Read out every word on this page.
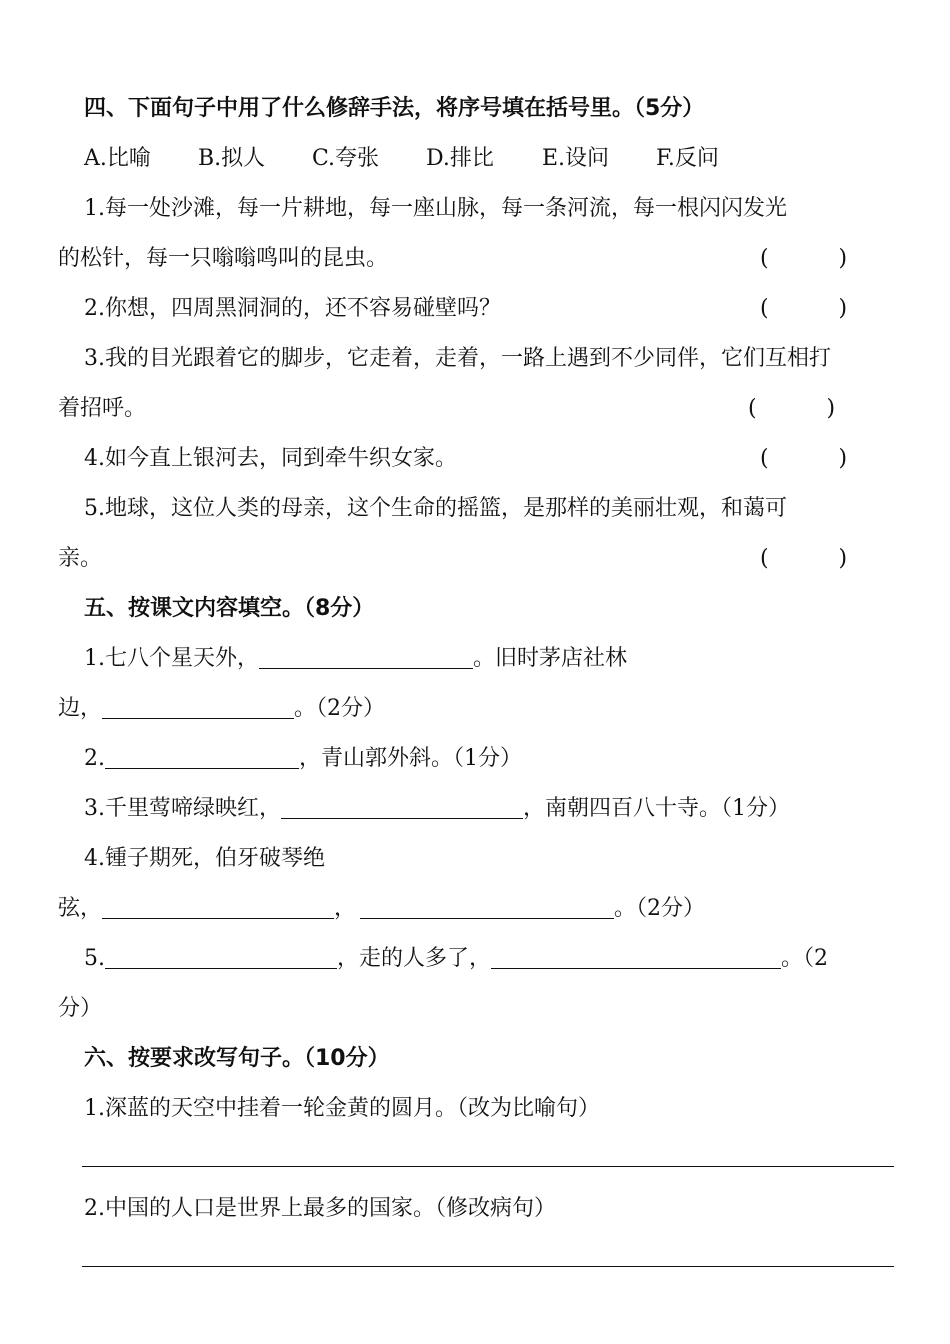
四、下面句子中用了什么修辞手法，将序号填在括号里。（5分）
A.比喻 B.拟人 C.夸张 D.排比 E.设问 F.反问
1.每一处沙滩，每一片耕地，每一座山脉，每一条河流，每一根闪闪发光
的松针，每一只嗡嗡鸣叫的昆虫。	(          )
2.你想，四周黑洞洞的，还不容易碰壁吗？	(          )
3.我的目光跟着它的脚步，它走着，走着，一路上遇到不少同伴，它们互相打
着招呼。	(          )
4.如今直上银河去，同到牵牛织女家。	(          )
5.地球，这位人类的母亲，这个生命的摇篮，是那样的美丽壮观，和蔼可
亲。	(          )
五、按课文内容填空。（8分）
1.七八个星天外，	。旧时茅店社林
边，	。（2分）
2.	，青山郭外斜。（1分）
3.千里莺啼绿映红，	，南朝四百八十寺。（1分）
4.锺子期死，伯牙破琴绝
弦，	，	。（2分）
5.	，走的人多了，	。（2
分）
六、按要求改写句子。（10分）
1.深蓝的天空中挂着一轮金黄的圆月。（改为比喻句）
2.中国的人口是世界上最多的国家。（修改病句）
